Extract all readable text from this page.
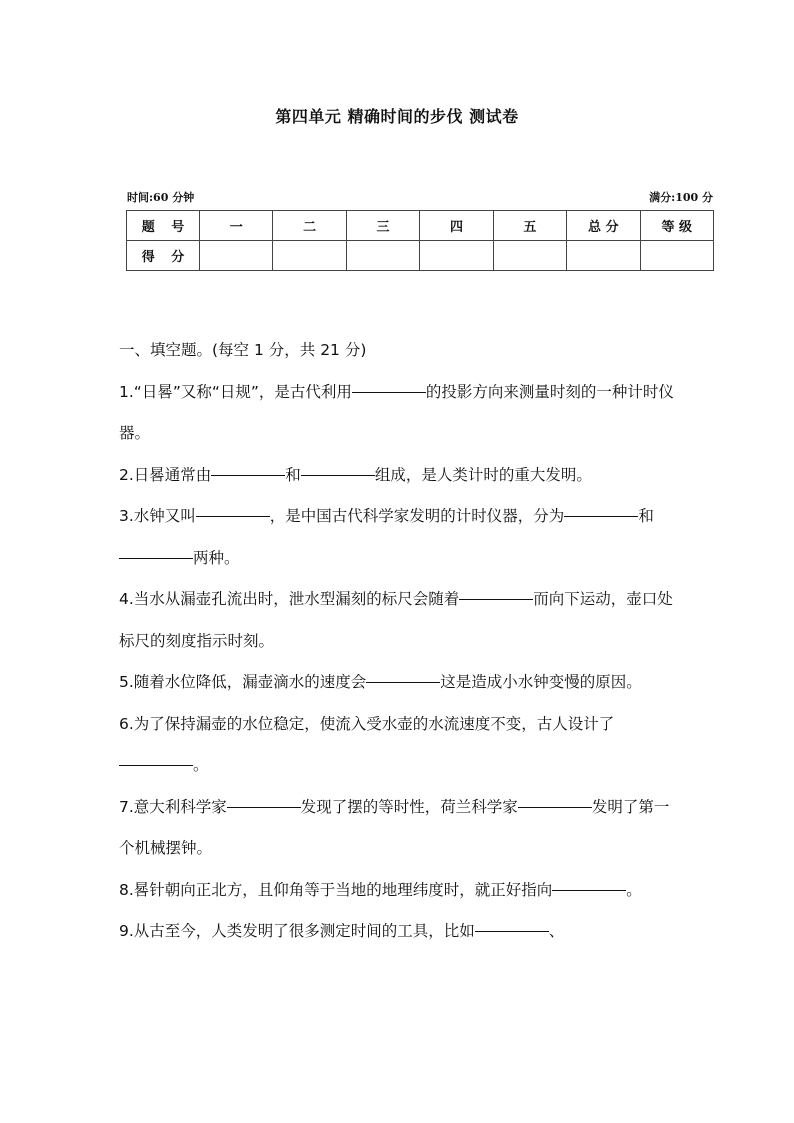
第四单元 精确时间的步伐 测试卷
时间:60 分钟	满分:100 分
题 号	一	二	三	四	五	总 分	等 级
得 分							

一、填空题。(每空 1 分，共 21 分)

1.“日晷”又称“日规”，是古代利用	的投影方向来测量时刻的一种计时仪器。

2.日晷通常由	和	组成，是人类计时的重大发明。

3.水钟又叫	，是中国古代科学家发明的计时仪器，分为	和两种。

4.当水从漏壶孔流出时，泄水型漏刻的标尺会随着	而向下运动，壶口处标尺的刻度指示时刻。

5.随着水位降低，漏壶滴水的速度会	这是造成小水钟变慢的原因。

6.为了保持漏壶的水位稳定，使流入受水壶的水流速度不变，古人设计了。

7.意大利科学家	发现了摆的等时性，荷兰科学家	发明了第一个机械摆钟。

8.晷针朝向正北方，且仰角等于当地的地理纬度时，就正好指向	。

9.从古至今，人类发明了很多测定时间的工具，比如	、
